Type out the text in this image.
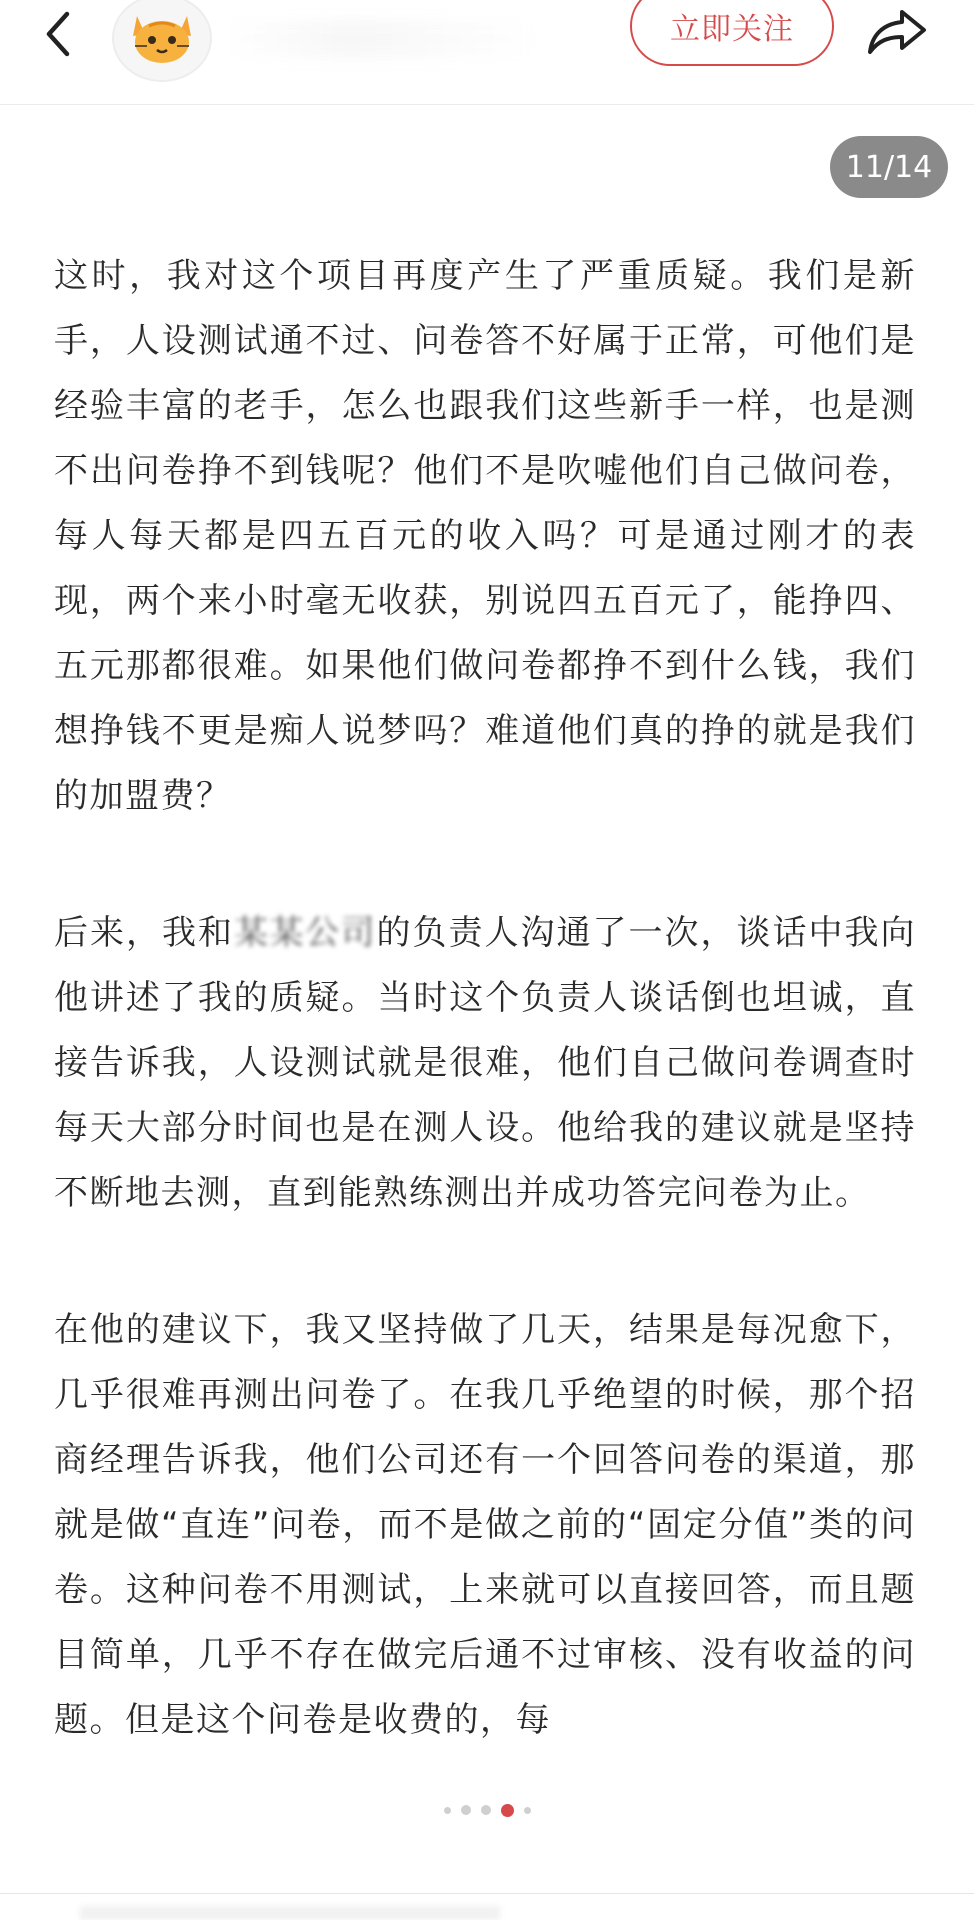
立即关注
11/14

这时，我对这个项目再度产生了严重质疑。我们是新手，人设测试通不过、问卷答不好属于正常，可他们是经验丰富的老手，怎么也跟我们这些新手一样，也是测不出问卷挣不到钱呢？他们不是吹嘘他们自己做问卷，每人每天都是四五百元的收入吗？可是通过刚才的表现，两个来小时毫无收获，别说四五百元了，能挣四、五元那都很难。如果他们做问卷都挣不到什么钱，我们想挣钱不更是痴人说梦吗？难道他们真的挣的就是我们的加盟费？

后来，我和某某公司的负责人沟通了一次，谈话中我向他讲述了我的质疑。当时这个负责人谈话倒也坦诚，直接告诉我，人设测试就是很难，他们自己做问卷调查时每天大部分时间也是在测人设。他给我的建议就是坚持不断地去测，直到能熟练测出并成功答完问卷为止。

在他的建议下，我又坚持做了几天，结果是每况愈下，几乎很难再测出问卷了。在我几乎绝望的时候，那个招商经理告诉我，他们公司还有一个回答问卷的渠道，那就是做“直连”问卷，而不是做之前的“固定分值”类的问卷。这种问卷不用测试，上来就可以直接回答，而且题目简单，几乎不存在做完后通不过审核、没有收益的问题。但是这个问卷是收费的，每
